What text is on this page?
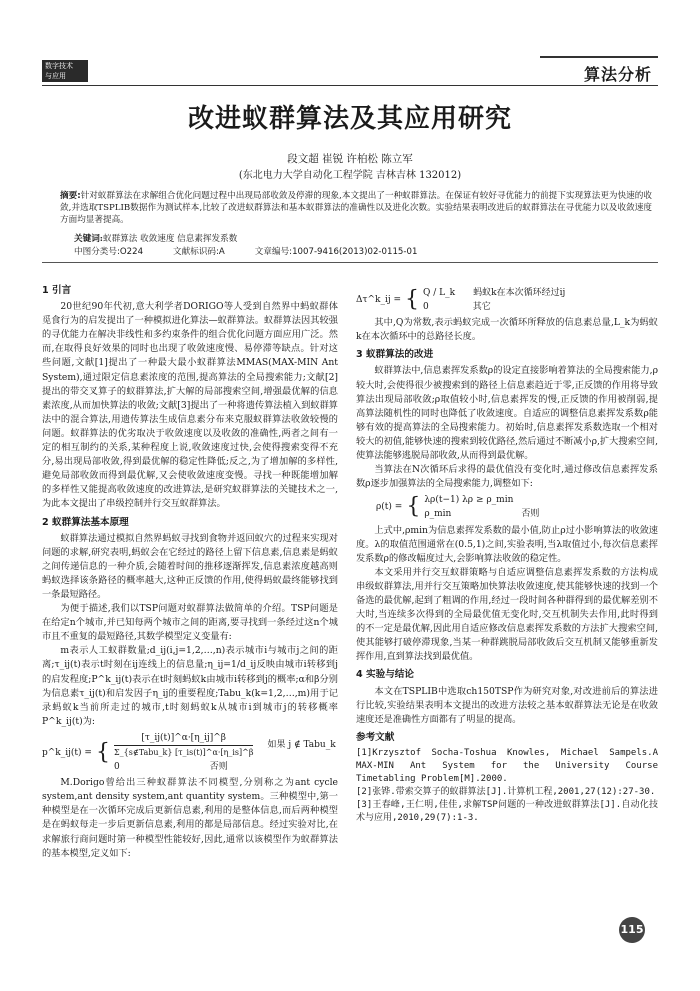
数字技术
与应用	算法分析
改进蚁群算法及其应用研究
段文超 崔锐 许柏松 陈立军
(东北电力大学自动化工程学院 吉林吉林 132012)
摘要:针对蚁群算法在求解组合优化问题过程中出现局部收敛及停滞的现象,本文提出了一种蚁群算法。在保证有较好寻优能力的前提下实现算法更为快速的收敛,并选取TSPLIB数据作为测试样本,比较了改进蚁群算法和基本蚁群算法的准确性以及进化次数。实验结果表明改进后的蚁群算法在寻优能力以及收敛速度方面均显著提高。
关键词:蚁群算法 收敛速度 信息素挥发系数
中图分类号:O224	文献标识码:A	文章编号:1007-9416(2013)02-0115-01
1 引言

20世纪90年代初,意大利学者DORIGO等人受到自然界中蚂蚁群体觅食行为的启发提出了一种模拟进化算法—蚁群算法。蚁群算法因其较强的寻优能力在解决非线性和多约束条件的组合优化问题方面应用广泛。然而,在取得良好效果的同时也出现了收敛速度慢、易停滞等缺点。针对这些问题,文献[1]提出了一种最大最小蚁群算法MMAS(MAX-MIN Ant System),通过限定信息素浓度的范围,提高算法的全局搜索能力;文献[2]提出的带交叉算子的蚁群算法,扩大解的局部搜索空间,增强最优解的信息素浓度,从而加快算法的收敛;文献[3]提出了一种将遗传算法植入到蚁群算法中的混合算法,用遗传算法生成信息素分布来克服蚁群算法收敛较慢的问题。蚁群算法的优劣取决于收敛速度以及收敛的准确性,两者之间有一定的相互制约的关系,某种程度上说,收敛速度过快,会使得搜索变得不充分,易出现局部收敛,得到最优解的稳定性降低;反之,为了增加解的多样性,避免局部收敛而得到最优解,又会使收敛速度变慢。寻找一种既能增加解的多样性又能提高收敛速度的改进算法,是研究蚁群算法的关键技术之一,为此本文提出了串级控制并行交互蚁群算法。

2 蚁群算法基本原理

蚁群算法通过模拟自然界蚂蚁寻找到食物并返回蚁穴的过程来实现对问题的求解,研究表明,蚂蚁会在它经过的路径上留下信息素,信息素是蚂蚁之间传递信息的一种介质,会随着时间的推移逐渐挥发,信息素浓度越高则蚂蚁选择该条路径的概率越大,这种正反馈的作用,使得蚂蚁最终能够找到一条最短路径。

为便于描述,我们以TSP问题对蚁群算法做简单的介绍。TSP问题是在给定n个城市,并已知每两个城市之间的距离,要寻找到一条经过这n个城市且不重复的最短路径,其数学模型定义变量有:

m表示人工蚁群数量;d_ij(i,j=1,2,…,n)表示城市i与城市j之间的距离;τ_ij(t)表示t时刻在ij连线上的信息量;η_ij=1/d_ij反映由城市i转移到j的启发程度;P^k_ij(t)表示在t时刻蚂蚁k由城市i转移到j的概率;α和β分别为信息素τ_ij(t)和启发因子η_ij的重要程度;Tabu_k(k=1,2,…,m)用于记录蚂蚁k当前所走过的城市,t时刻蚂蚁k从城市i到城市j的转移概率P^k_ij(t)为:

p^k_ij(t) = {
[τ_ij(t)]^α·[η_ij]^β
Σ_{s∉Tabu_k} [τ_is(t)]^α·[η_is]^β
如果 j ∉ Tabu_k
0	否则

M.Dorigo曾给出三种蚁群算法不同模型,分别称之为ant cycle system,ant density system,ant quantity system。三种模型中,第一种模型是在一次循环完成后更新信息素,利用的是整体信息,而后两种模型是在蚂蚁每走一步后更新信息素,利用的都是局部信息。经过实验对比,在求解旅行商问题时第一种模型性能较好,因此,通常以该模型作为蚁群算法的基本模型,定义如下:

Δτ^k_ij = { Q / L_k 蚂蚁k在本次循环经过ij
0	其它

其中,Q为常数,表示蚂蚁完成一次循环所释放的信息素总量,L_k为蚂蚁k在本次循环中的总路径长度。

3 蚁群算法的改进

蚁群算法中,信息素挥发系数ρ的设定直接影响着算法的全局搜索能力,ρ较大时,会使得很少被搜索到的路径上信息素趋近于零,正反馈的作用将导致算法出现局部收敛;ρ取值较小时,信息素挥发的慢,正反馈的作用被削弱,提高算法随机性的同时也降低了收敛速度。自适应的调整信息素挥发系数ρ能够有效的提高算法的全局搜索能力。初始时,信息素挥发系数选取一个相对较大的初值,能够快速的搜索到较优路径,然后通过不断减小ρ,扩大搜索空间,使算法能够逃脱局部收敛,从而得到最优解。

当算法在N次循环后求得的最优值没有变化时,通过修改信息素挥发系数ρ逐步加强算法的全局搜索能力,调整如下:

ρ(t) = { λρ(t−1) λρ ≥ ρ_min
ρ_min	否则

上式中,ρmin为信息素挥发系数的最小值,防止ρ过小影响算法的收敛速度。λ的取值范围通常在(0.5,1)之间,实验表明,当λ取值过小,每次信息素挥发系数ρ的修改幅度过大,会影响算法收敛的稳定性。

本文采用并行交互蚁群策略与自适应调整信息素挥发系数的方法构成串级蚁群算法,用并行交互策略加快算法收敛速度,使其能够快速的找到一个备选的最优解,起到了粗调的作用,经过一段时间各种群得到的最优解差别不大时,当连续多次得到的全局最优值无变化时,交互机制失去作用,此时得到的不一定是最优解,因此用自适应修改信息素挥发系数的方法扩大搜索空间,使其能够打破停滞现象,当某一种群跳脱局部收敛后交互机制又能够重新发挥作用,直到算法找到最优值。

4 实验与结论

本文在TSPLIB中选取ch150TSP作为研究对象,对改进前后的算法进行比较,实验结果表明本文提出的改进方法较之基本蚁群算法无论是在收敛速度还是准确性方面都有了明显的提高。

参考文献

[1]Krzysztof Socha-Toshua Knowles, Michael Sampels.A MAX-MIN Ant System for the University Course Timetabling Problem[M].2000.

[2]张铧.带索交算子的蚁群算法[J].计算机工程,2001,27(12):27-30.

[3]王春峰,王仁明,佳佳,求解TSP问题的一种改进蚁群算法[J].自动化技术与应用,2010,29(7):1-3.

115
